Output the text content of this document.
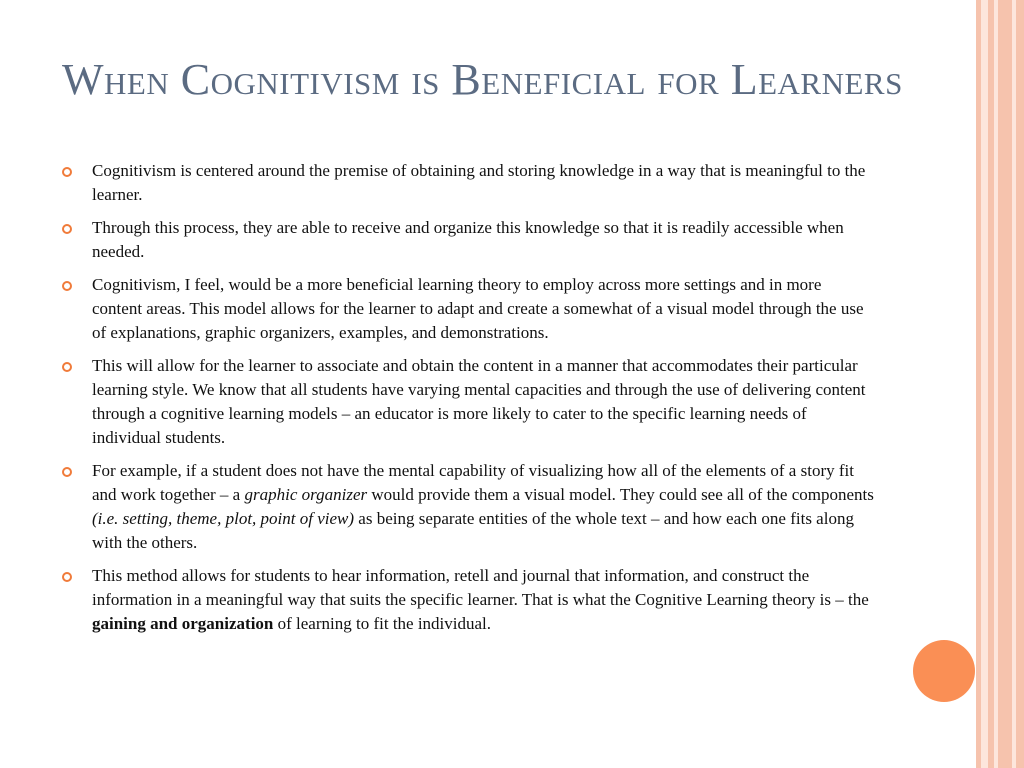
When Cognitivism is Beneficial for Learners
Cognitivism is centered around the premise of obtaining and storing knowledge in a way that is meaningful to the learner.
Through this process, they are able to receive and organize this knowledge so that it is readily accessible when needed.
Cognitivism, I feel, would be a more beneficial learning theory to employ across more settings and in more content areas. This model allows for the learner to adapt and create a somewhat of a visual model through the use of explanations, graphic organizers, examples, and demonstrations.
This will allow for the learner to associate and obtain the content in a manner that accommodates their particular learning style. We know that all students have varying mental capacities and through the use of delivering content through a cognitive learning models – an educator is more likely to cater to the specific learning needs of individual students.
For example, if a student does not have the mental capability of visualizing how all of the elements of a story fit and work together – a graphic organizer would provide them a visual model. They could see all of the components (i.e. setting, theme, plot, point of view) as being separate entities of the whole text – and how each one fits along with the others.
This method allows for students to hear information, retell and journal that information, and construct the information in a meaningful way that suits the specific learner. That is what the Cognitive Learning theory is – the gaining and organization of learning to fit the individual.
